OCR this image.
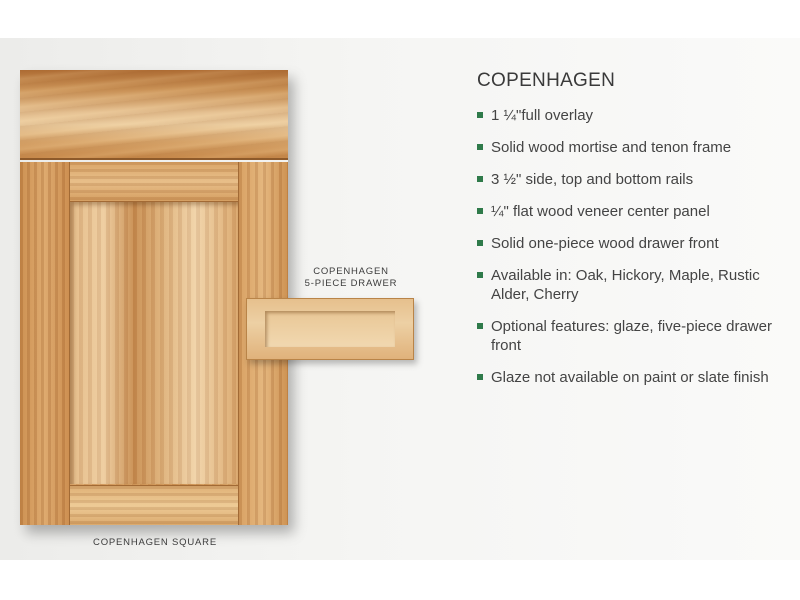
COPENHAGEN
5-PIECE DRAWER
COPENHAGEN SQUARE
COPENHAGEN
1 ¼"full overlay
Solid wood mortise and tenon frame
3 ½" side, top and bottom rails
¼" flat wood veneer center panel
Solid one-piece wood drawer front
Available in: Oak, Hickory, Maple, Rustic Alder, Cherry
Optional features: glaze, five-piece drawer front
Glaze not available on paint or slate finish
